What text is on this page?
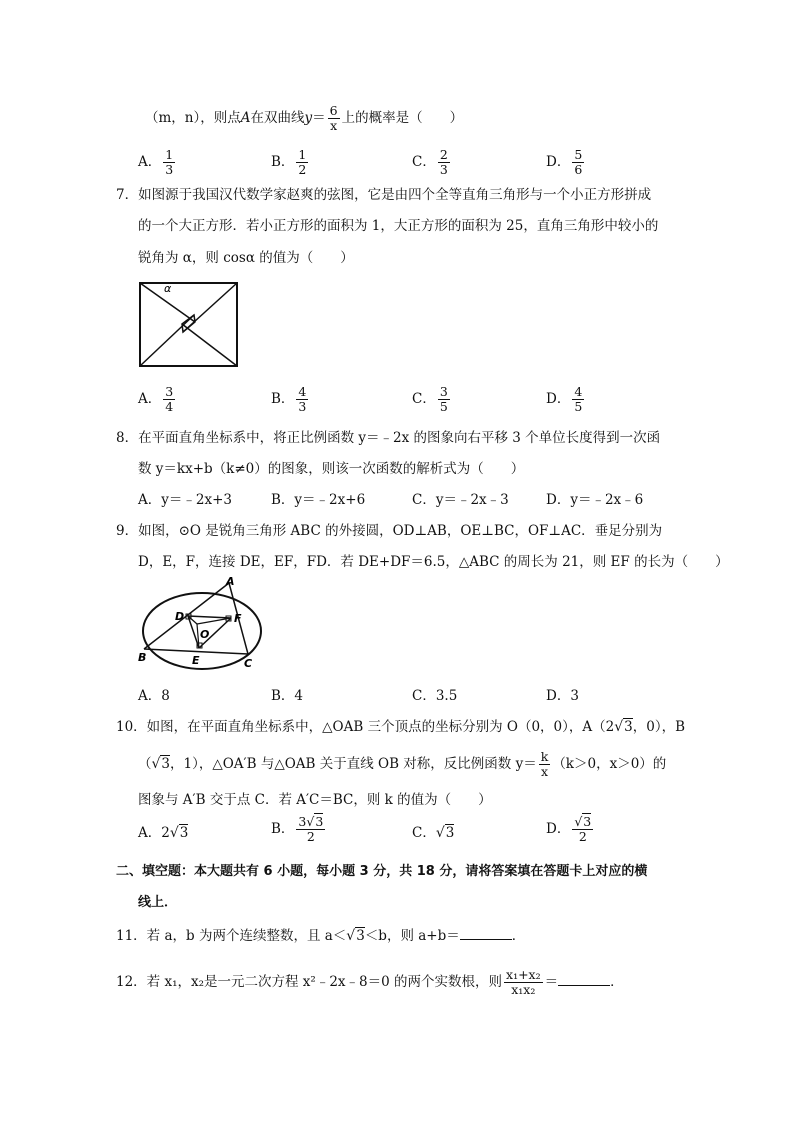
（m，n），则点A在双曲线$y= \frac{6}{x}$ 上的概率是（　　）
A． $\frac{1}{3}$	B． $\frac{1}{2}$	C． $\frac{2}{3}$	D． $\frac{5}{6}$
7．如图源于我国汉代数学家赵爽的弦图，它是由四个全等直角三角形与一个小正方形拼成
的一个大正方形．若小正方形的面积为 1，大正方形的面积为 25，直角三角形中较小的
锐角为 α，则 cosα 的值为（　　）
α
A． $\frac{3}{4}$	B． $\frac{4}{3}$	C． $\frac{3}{5}$	D． $\frac{4}{5}$
8．在平面直角坐标系中，将正比例函数 y＝﹣2x 的图象向右平移 3 个单位长度得到一次函
数 y＝kx+b（k≠0）的图象，则该一次函数的解析式为（　　）
A．y＝﹣2x+3	B．y＝﹣2x+6	C．y＝﹣2x﹣3	D．y＝﹣2x﹣6
9．如图，⊙O 是锐角三角形 ABC 的外接圆，OD⊥AB，OE⊥BC，OF⊥AC．垂足分别为
D，E，F，连接 DE，EF，FD．若 DE+DF＝6.5，△ABC 的周长为 21，则 EF 的长为（　　）
A
B	C
D
E
F
O
A．8	B．4	C．3.5	D．3
10．如图，在平面直角坐标系中，△OAB 三个顶点的坐标分别为 O（0，0），A（2√3，0），B
（√3，1），△OA′B 与△OAB 关于直线 OB 对称，反比例函数 $y= \frac{k}{x} (k>0$，x＞0）的
图象与 A′B 交于点 C．若 A′C＝BC，则 k 的值为（　　）
A．2√3	B． $\frac{3√3}{2}$	C．√3	D． $\frac{√3}{2}$
二、填空题：本大题共有 6 小题，每小题 3 分，共 18 分，请将答案填在答题卡上对应的横
线上．
11．若 a，b 为两个连续整数，且 a＜√3＜b，则 a+b＝	．
12．若 x₁，x₂是一元二次方程 x²﹣2x﹣8＝0 的两个实数根，则 $\frac{\text{x₁+x₂}}{\text{x₁x₂}}$ ＝	．
